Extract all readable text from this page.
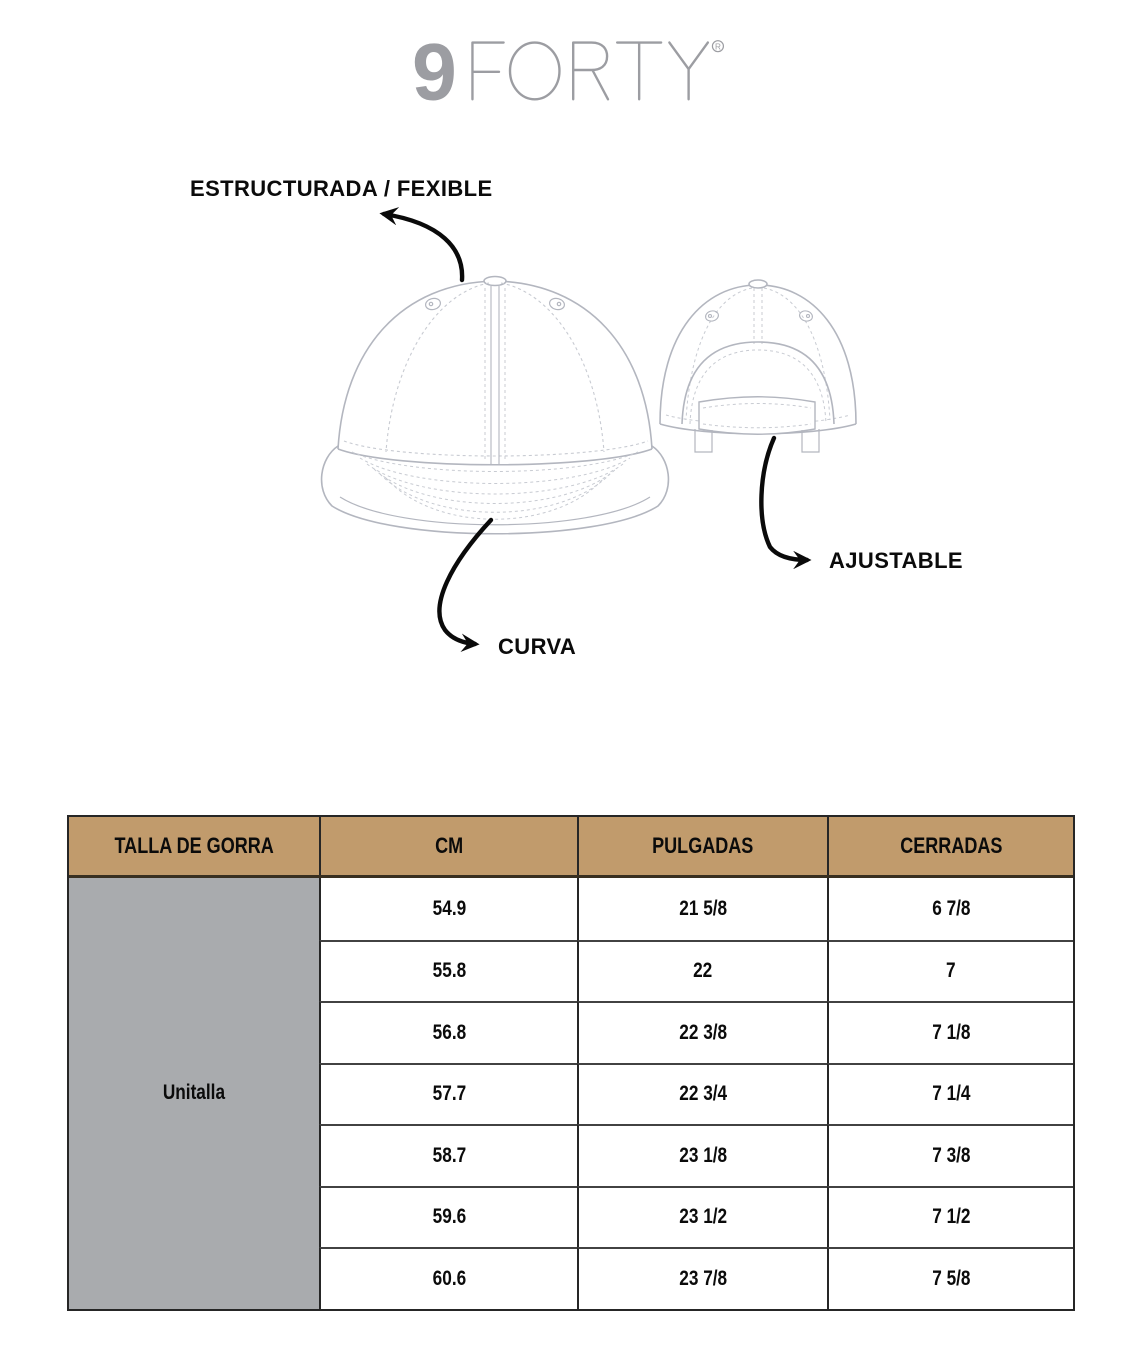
9	R
ESTRUCTURADA / FEXIBLE
CURVA
AJUSTABLE
TALLA DE GORRA	CM	PULGADAS	CERRADAS
Unitalla
54.9	21 5/8	6 7/8
55.8	22	7
56.8	22 3/8	7 1/8
57.7	22 3/4	7 1/4
58.7	23 1/8	7 3/8
59.6	23 1/2	7 1/2
60.6	23 7/8	7 5/8
